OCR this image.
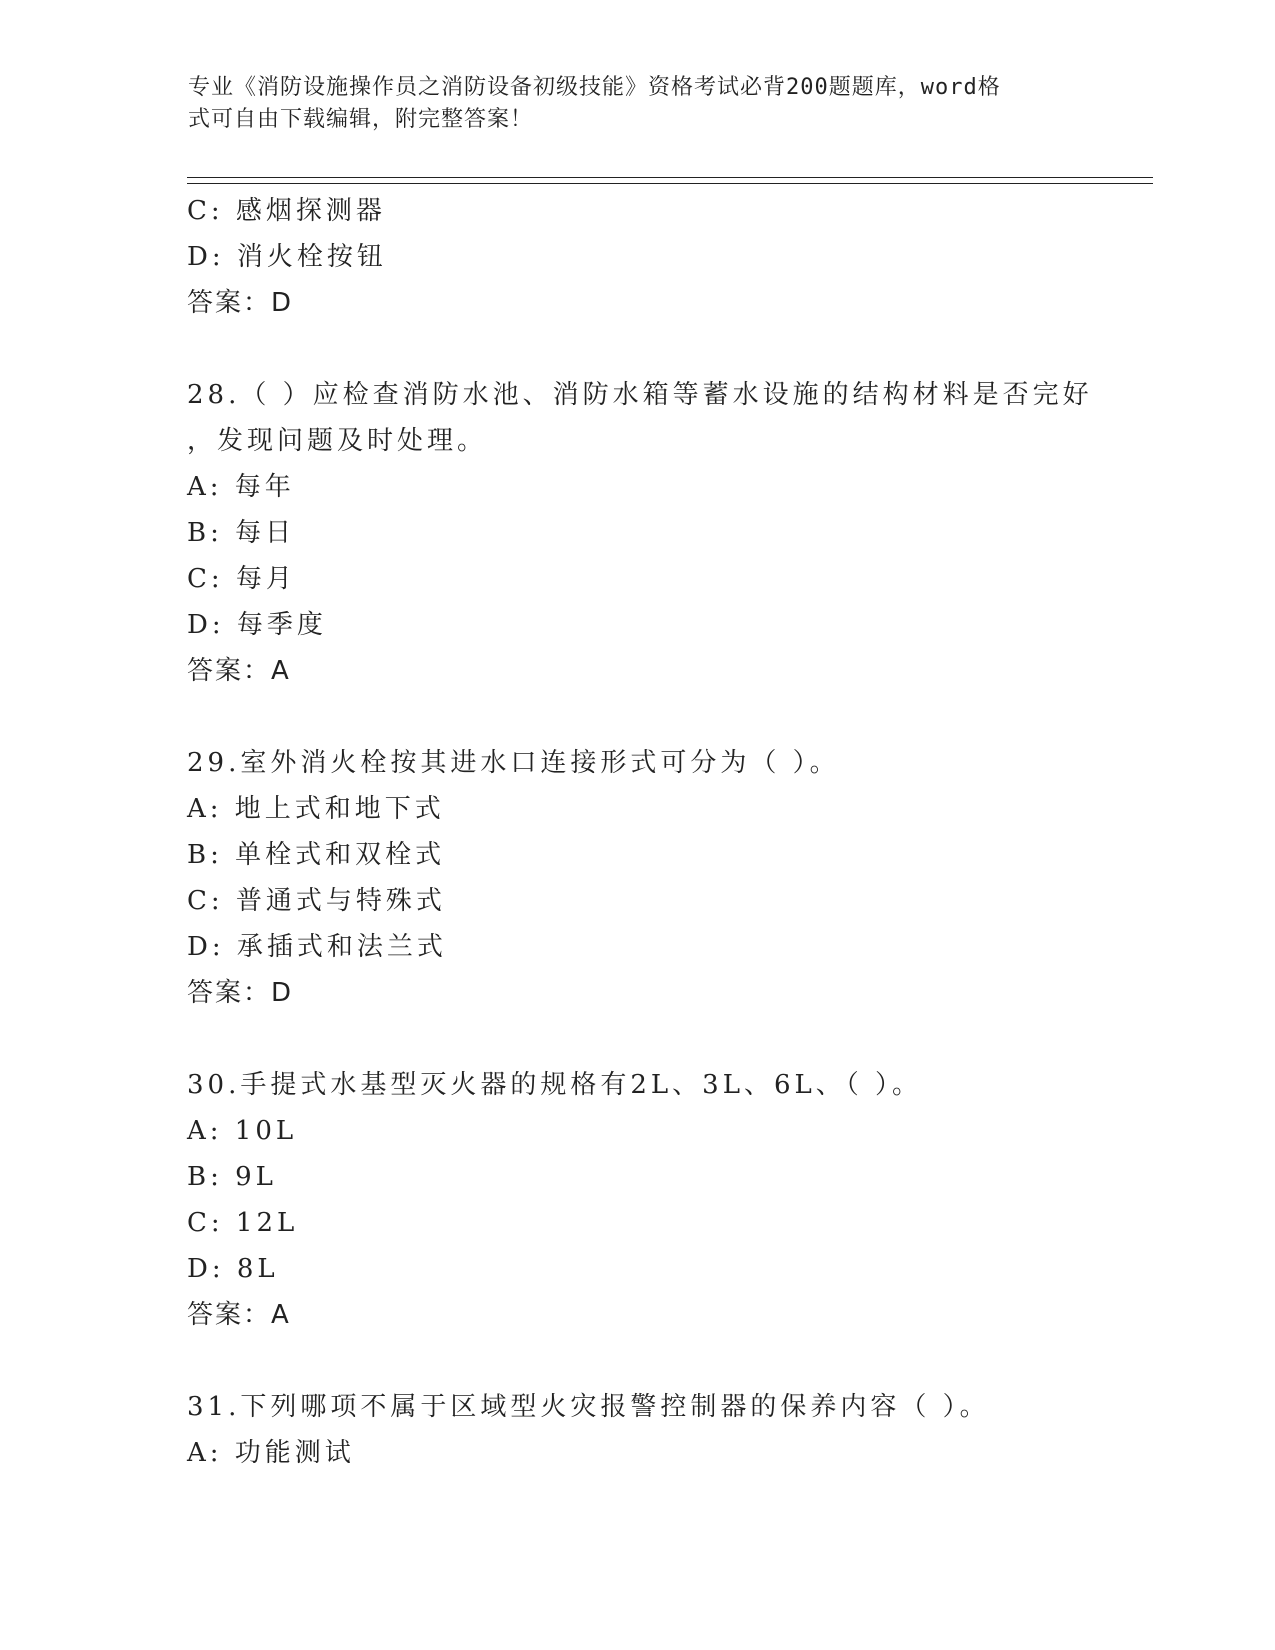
专业《消防设施操作员之消防设备初级技能》资格考试必背200题题库，word格
式可自由下载编辑，附完整答案！
C: 感烟探测器
D: 消火栓按钮
答案：D
28.（ ）应检查消防水池、消防水箱等蓄水设施的结构材料是否完好
，发现问题及时处理。
A: 每年
B: 每日
C: 每月
D: 每季度
答案：A
29.室外消火栓按其进水口连接形式可分为（ ）。
A: 地上式和地下式
B: 单栓式和双栓式
C: 普通式与特殊式
D: 承插式和法兰式
答案：D
30.手提式水基型灭火器的规格有2L、3L、6L、（ ）。
A: 10L
B: 9L
C: 12L
D: 8L
答案：A
31.下列哪项不属于区域型火灾报警控制器的保养内容（ ）。
A: 功能测试
